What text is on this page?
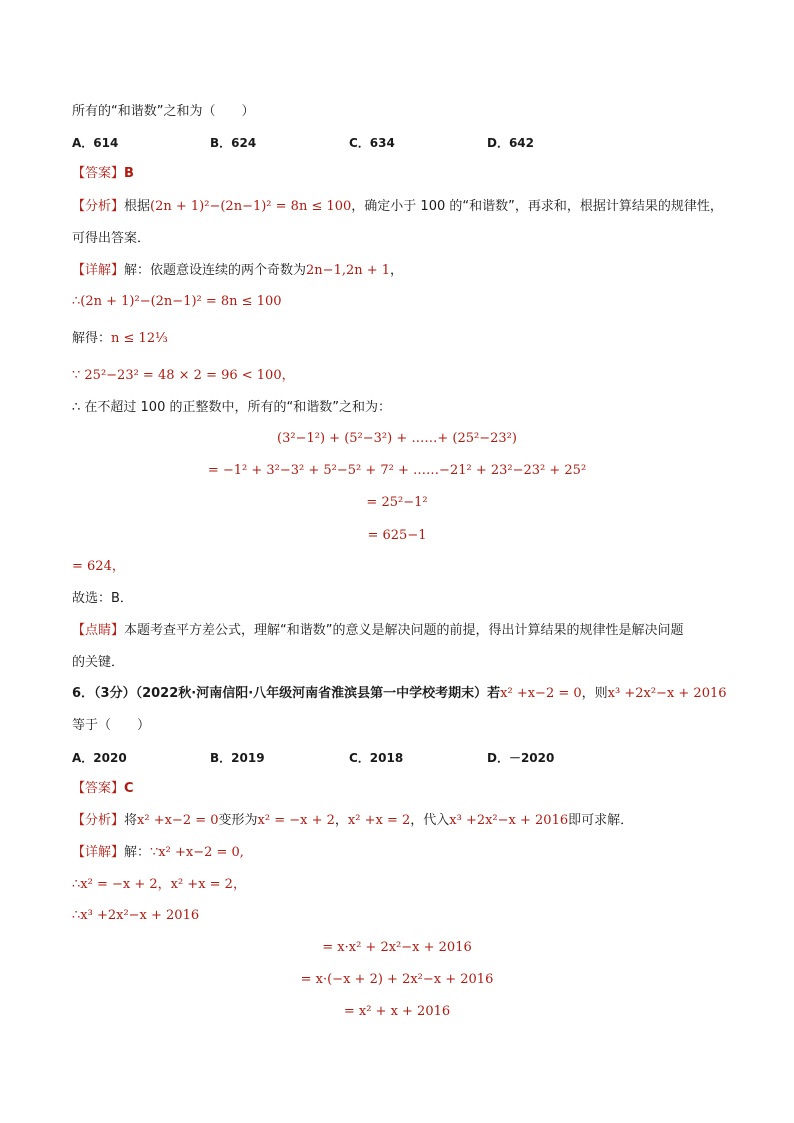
所有的“和谐数”之和为（　　）
A．614	B．624	C．634	D．642
【答案】B
【分析】根据(2n + 1)²−(2n−1)² = 8n ≤ 100，确定小于 100 的“和谐数”，再求和，根据计算结果的规律性，
可得出答案．
【详解】解：依题意设连续的两个奇数为2n−1,2n + 1，
∴(2n + 1)²−(2n−1)² = 8n ≤ 100
解得：n ≤ 12⅓
∵ 25²−23² = 48 × 2 = 96 < 100，
∴ 在不超过 100 的正整数中，所有的“和谐数”之和为：
(3²−1²) + (5²−3²) + ……+ (25²−23²)
= −1² + 3²−3² + 5²−5² + 7² + ……−21² + 23²−23² + 25²
= 25²−1²
= 625−1
= 624，
故选：B．
【点睛】本题考查平方差公式，理解“和谐数”的意义是解决问题的前提，得出计算结果的规律性是解决问题
的关键．
6．（3分）（2022秋·河南信阳·八年级河南省淮滨县第一中学校考期末）若x² +x−2 = 0，则x³ +2x²−x + 2016
等于（　　）
A．2020	B．2019	C．2018	D．－2020
【答案】C
【分析】将x² +x−2 = 0变形为x² = −x + 2，x² +x = 2，代入x³ +2x²−x + 2016即可求解．
【详解】解：∵x² +x−2 = 0,
∴x² = −x + 2，x² +x = 2，
∴x³ +2x²−x + 2016
= x·x² + 2x²−x + 2016
= x·(−x + 2) + 2x²−x + 2016
= x² + x + 2016
